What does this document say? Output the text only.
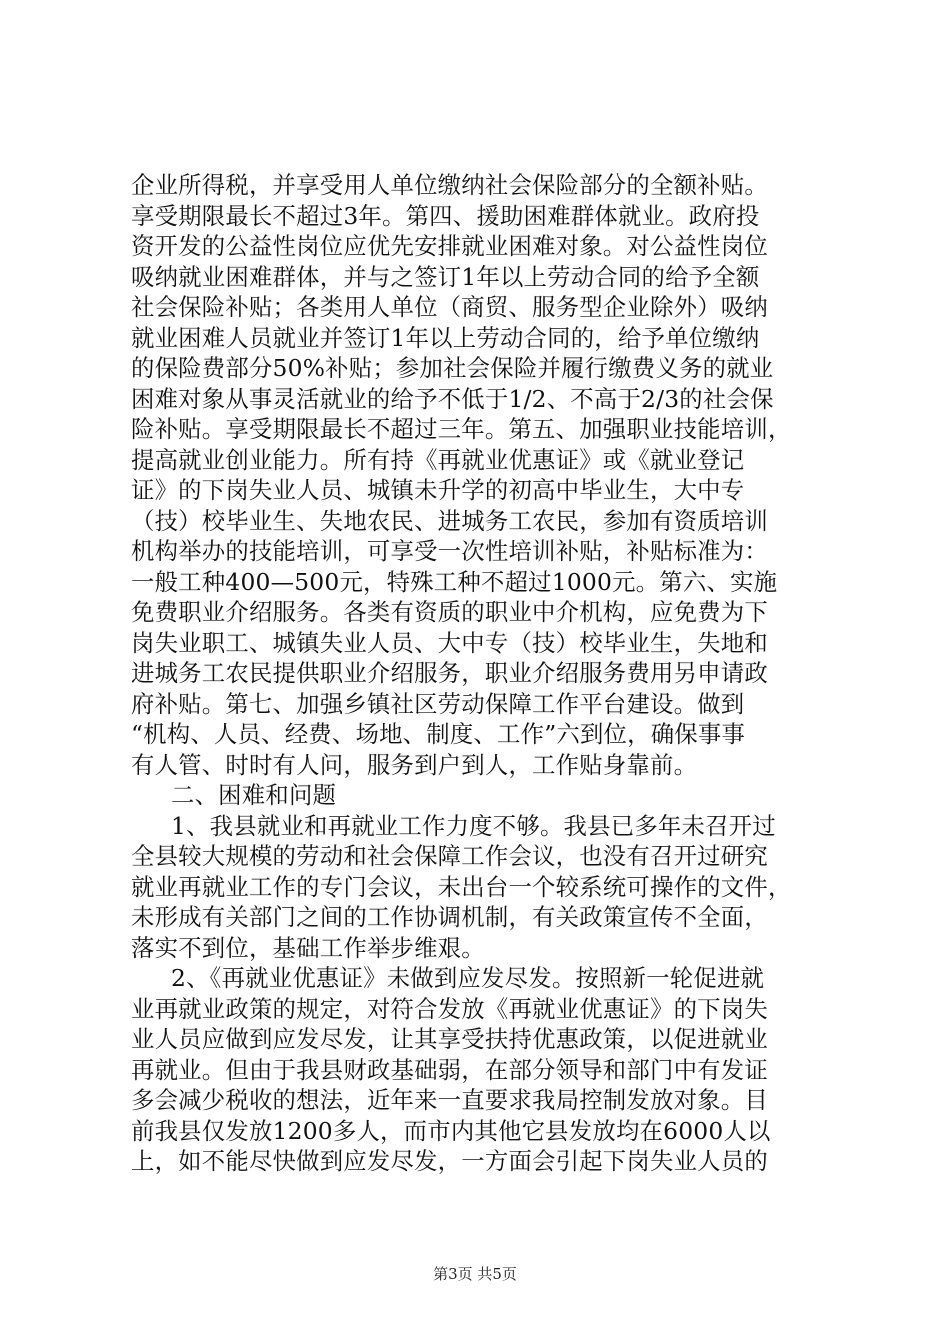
企业所得税，并享受用人单位缴纳社会保险部分的全额补贴。
享受期限最长不超过3年。第四、援助困难群体就业。政府投
资开发的公益性岗位应优先安排就业困难对象。对公益性岗位
吸纳就业困难群体，并与之签订1年以上劳动合同的给予全额
社会保险补贴；各类用人单位（商贸、服务型企业除外）吸纳
就业困难人员就业并签订1年以上劳动合同的，给予单位缴纳
的保险费部分50%补贴；参加社会保险并履行缴费义务的就业
困难对象从事灵活就业的给予不低于1/2、不高于2/3的社会保
险补贴。享受期限最长不超过三年。第五、加强职业技能培训，
提高就业创业能力。所有持《再就业优惠证》或《就业登记
证》的下岗失业人员、城镇未升学的初高中毕业生，大中专
（技）校毕业生、失地农民、进城务工农民，参加有资质培训
机构举办的技能培训，可享受一次性培训补贴，补贴标准为：
一般工种400—500元，特殊工种不超过1000元。第六、实施
免费职业介绍服务。各类有资质的职业中介机构，应免费为下
岗失业职工、城镇失业人员、大中专（技）校毕业生，失地和
进城务工农民提供职业介绍服务，职业介绍服务费用另申请政
府补贴。第七、加强乡镇社区劳动保障工作平台建设。做到
“机构、人员、经费、场地、制度、工作”六到位，确保事事
有人管、时时有人问，服务到户到人，工作贴身靠前。
二、困难和问题
1、我县就业和再就业工作力度不够。我县已多年未召开过
全县较大规模的劳动和社会保障工作会议，也没有召开过研究
就业再就业工作的专门会议，未出台一个较系统可操作的文件，
未形成有关部门之间的工作协调机制，有关政策宣传不全面，
落实不到位，基础工作举步维艰。
2、《再就业优惠证》未做到应发尽发。按照新一轮促进就
业再就业政策的规定，对符合发放《再就业优惠证》的下岗失
业人员应做到应发尽发，让其享受扶持优惠政策，以促进就业
再就业。但由于我县财政基础弱，在部分领导和部门中有发证
多会减少税收的想法，近年来一直要求我局控制发放对象。目
前我县仅发放1200多人，而市内其他它县发放均在6000人以
上，如不能尽快做到应发尽发，一方面会引起下岗失业人员的
第3页 共5页
